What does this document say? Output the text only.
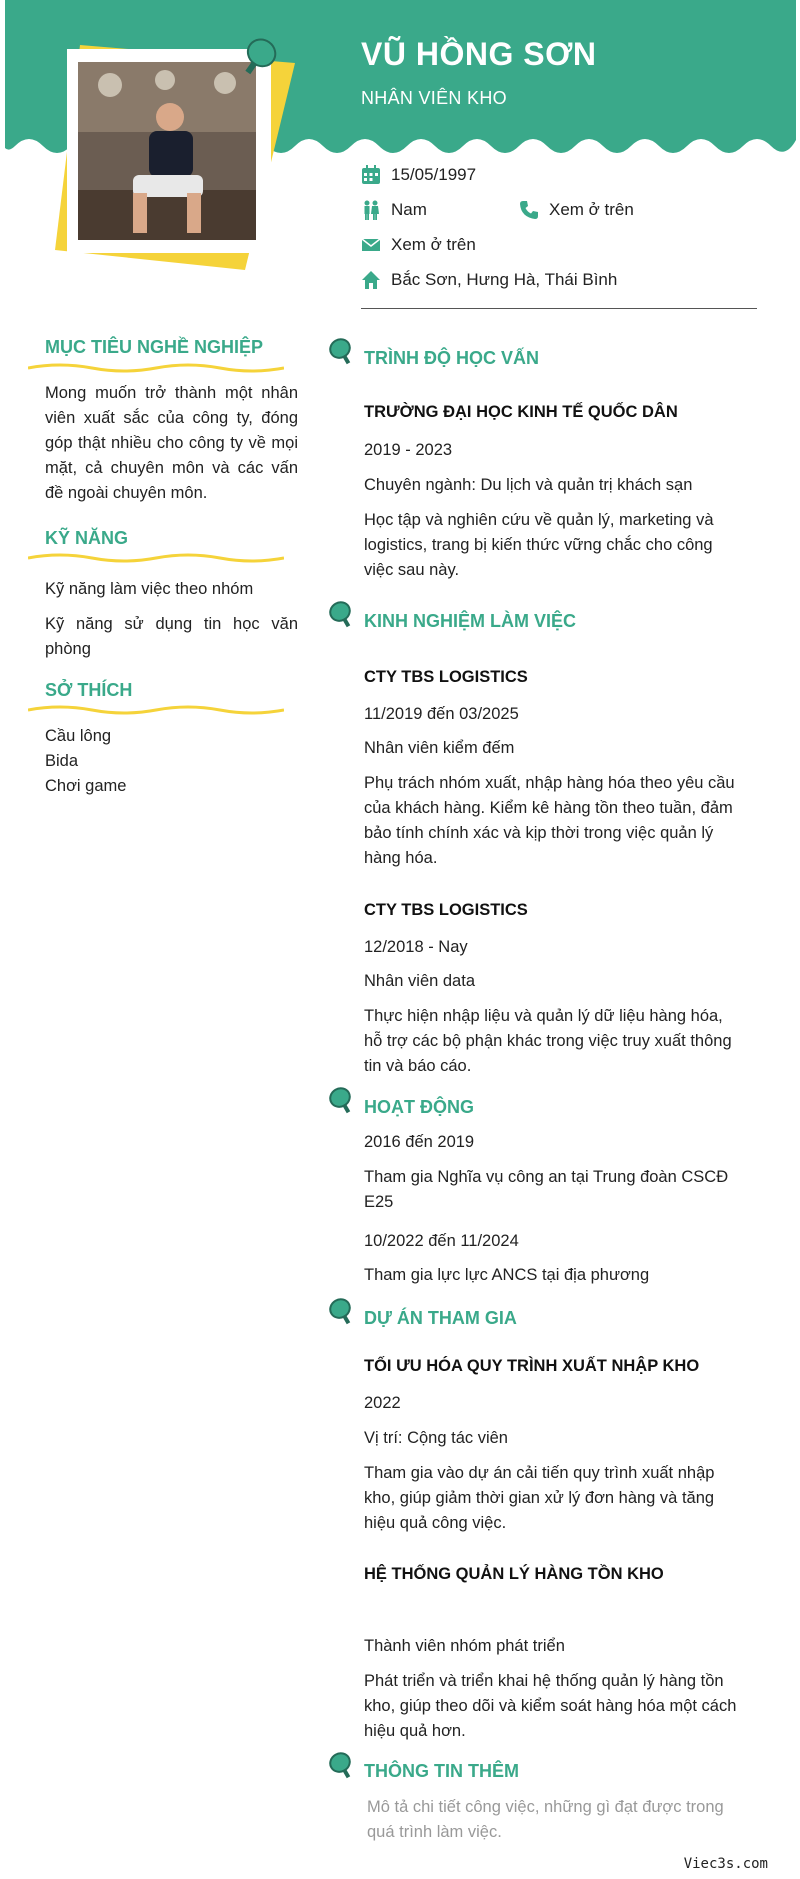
VŨ HỒNG SƠN
NHÂN VIÊN KHO
15/05/1997
Nam	Xem ở trên
Xem ở trên
Bắc Sơn, Hưng Hà, Thái Bình
MỤC TIÊU NGHỀ NGHIỆP
Mong muốn trở thành một nhân viên xuất sắc của công ty, đóng góp thật nhiều cho công ty về mọi mặt, cả chuyên môn và các vấn đề ngoài chuyên môn.
KỸ NĂNG
Kỹ năng làm việc theo nhóm
Kỹ năng sử dụng tin học văn phòng
SỞ THÍCH
Cầu lông
Bida
Chơi game
TRÌNH ĐỘ HỌC VẤN
TRƯỜNG ĐẠI HỌC KINH TẾ QUỐC DÂN
2019 - 2023
Chuyên ngành: Du lịch và quản trị khách sạn
Học tập và nghiên cứu về quản lý, marketing và logistics, trang bị kiến thức vững chắc cho công việc sau này.
KINH NGHIỆM LÀM VIỆC
CTY TBS LOGISTICS
11/2019 đến 03/2025
Nhân viên kiểm đếm
Phụ trách nhóm xuất, nhập hàng hóa theo yêu cầu của khách hàng. Kiểm kê hàng tồn theo tuần, đảm bảo tính chính xác và kịp thời trong việc quản lý hàng hóa.
CTY TBS LOGISTICS
12/2018 - Nay
Nhân viên data
Thực hiện nhập liệu và quản lý dữ liệu hàng hóa, hỗ trợ các bộ phận khác trong việc truy xuất thông tin và báo cáo.
HOẠT ĐỘNG
2016 đến 2019
Tham gia Nghĩa vụ công an tại Trung đoàn CSCĐ E25
10/2022 đến 11/2024
Tham gia lực lực ANCS tại địa phương
DỰ ÁN THAM GIA
TỐI ƯU HÓA QUY TRÌNH XUẤT NHẬP KHO
2022
Vị trí: Cộng tác viên
Tham gia vào dự án cải tiến quy trình xuất nhập kho, giúp giảm thời gian xử lý đơn hàng và tăng hiệu quả công việc.
HỆ THỐNG QUẢN LÝ HÀNG TỒN KHO
Thành viên nhóm phát triển
Phát triển và triển khai hệ thống quản lý hàng tồn kho, giúp theo dõi và kiểm soát hàng hóa một cách hiệu quả hơn.
THÔNG TIN THÊM
Mô tả chi tiết công việc, những gì đạt được trong quá trình làm việc.
Viec3s.com
